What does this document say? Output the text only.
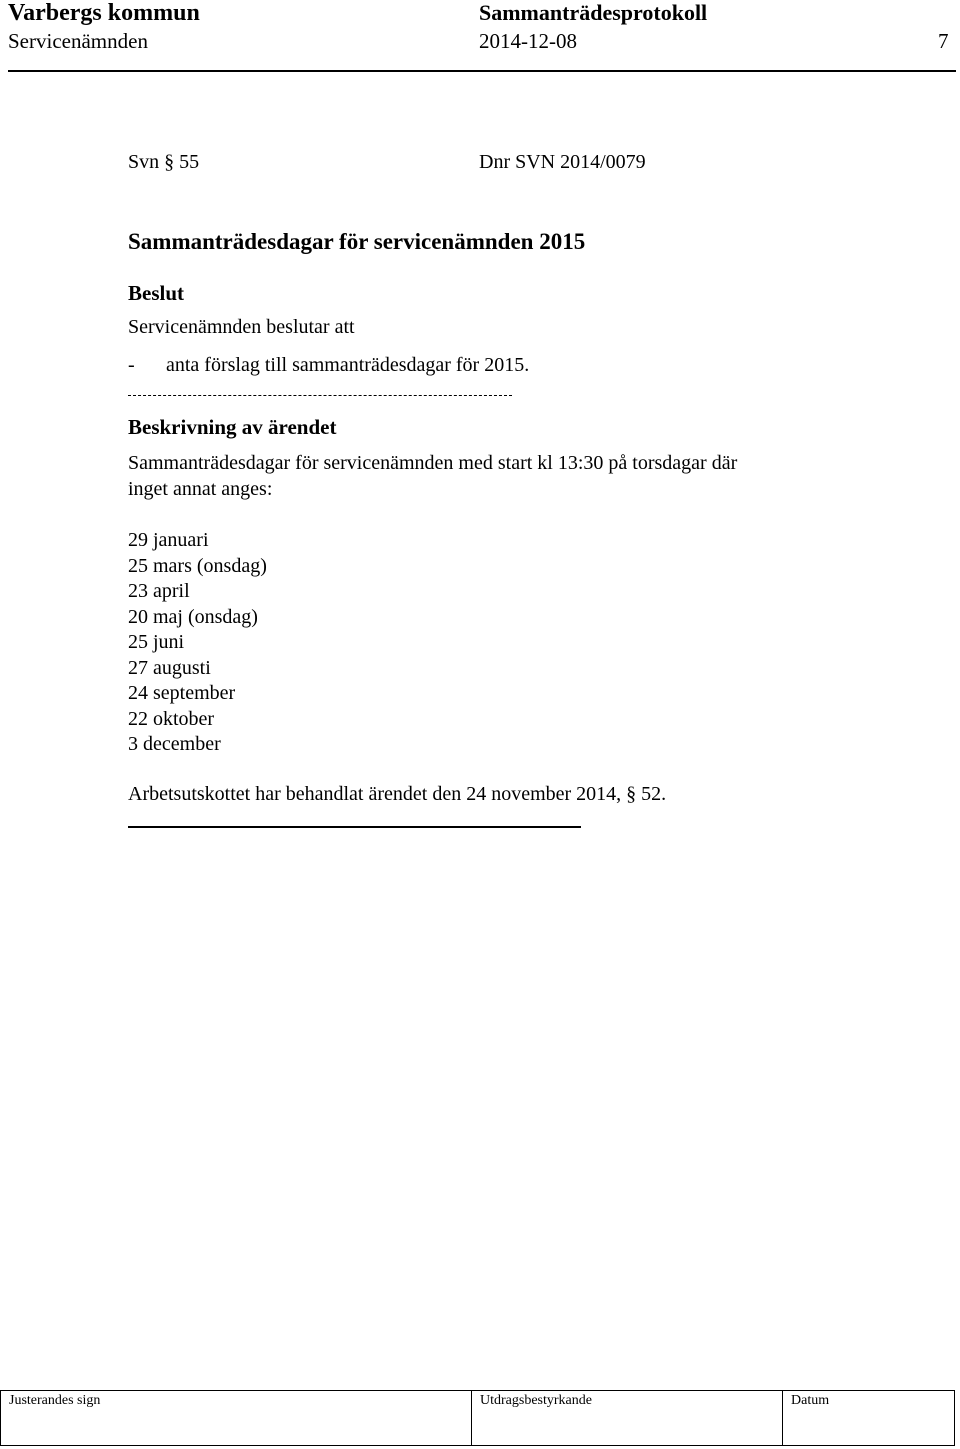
Varbergs kommun	Sammanträdesprotokoll
Servicenämnden	2014-12-08	7
Svn § 55	Dnr SVN 2014/0079
Sammanträdesdagar för servicenämnden 2015
Beslut
Servicenämnden beslutar att
- anta förslag till sammanträdesdagar för 2015.
Beskrivning av ärendet
Sammanträdesdagar för servicenämnden med start kl 13:30 på torsdagar där
inget annat anges:
29 januari
25 mars (onsdag)
23 april
20 maj (onsdag)
25 juni
27 augusti
24 september
22 oktober
3 december
Arbetsutskottet har behandlat ärendet den 24 november 2014, § 52.
Justerandes sign	Utdragsbestyrkande	Datum
